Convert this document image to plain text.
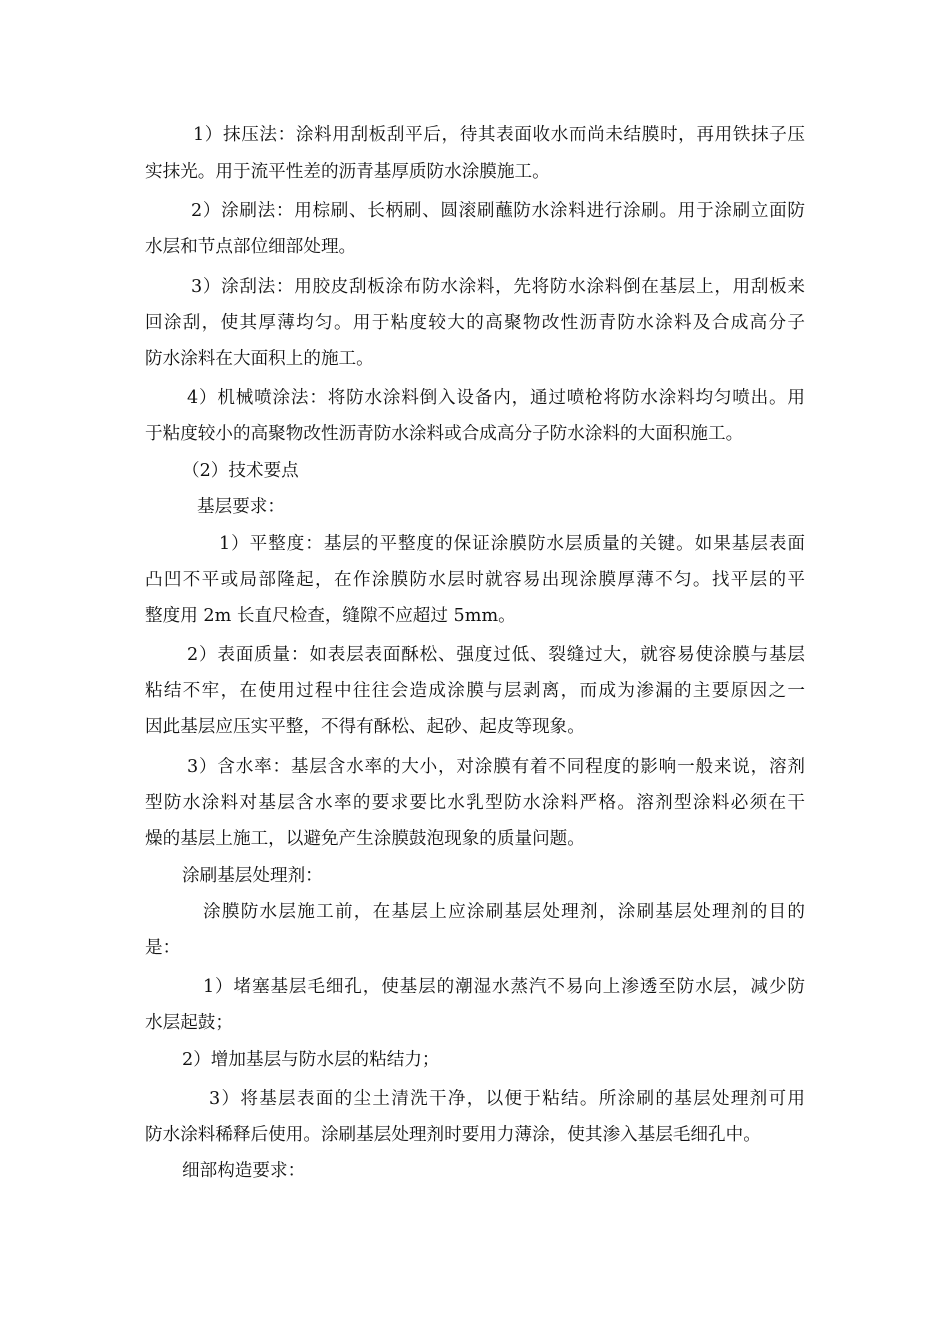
1）抹压法：涂料用刮板刮平后，待其表面收水而尚未结膜时，再用铁抹子压
实抹光。用于流平性差的沥青基厚质防水涂膜施工。
2）涂刷法：用棕刷、长柄刷、圆滚刷蘸防水涂料进行涂刷。用于涂刷立面防
水层和节点部位细部处理。
3）涂刮法：用胶皮刮板涂布防水涂料，先将防水涂料倒在基层上，用刮板来
回涂刮，使其厚薄均匀。用于粘度较大的高聚物改性沥青防水涂料及合成高分子
防水涂料在大面积上的施工。
4）机械喷涂法：将防水涂料倒入设备内，通过喷枪将防水涂料均匀喷出。用
于粘度较小的高聚物改性沥青防水涂料或合成高分子防水涂料的大面积施工。
（2）技术要点
基层要求：
1）平整度：基层的平整度的保证涂膜防水层质量的关键。如果基层表面
凸凹不平或局部隆起，在作涂膜防水层时就容易出现涂膜厚薄不匀。找平层的平
整度用 2m 长直尺检查，缝隙不应超过 5mm。
2）表面质量：如表层表面酥松、强度过低、裂缝过大，就容易使涂膜与基层
粘结不牢，在使用过程中往往会造成涂膜与层剥离，而成为渗漏的主要原因之一
因此基层应压实平整，不得有酥松、起砂、起皮等现象。
3）含水率：基层含水率的大小，对涂膜有着不同程度的影响一般来说，溶剂
型防水涂料对基层含水率的要求要比水乳型防水涂料严格。溶剂型涂料必须在干
燥的基层上施工，以避免产生涂膜鼓泡现象的质量问题。
涂刷基层处理剂：
涂膜防水层施工前，在基层上应涂刷基层处理剂，涂刷基层处理剂的目的
是：
1）堵塞基层毛细孔，使基层的潮湿水蒸汽不易向上渗透至防水层，减少防
水层起鼓；
2）增加基层与防水层的粘结力；
3）将基层表面的尘土清洗干净，以便于粘结。所涂刷的基层处理剂可用
防水涂料稀释后使用。涂刷基层处理剂时要用力薄涂，使其渗入基层毛细孔中。
细部构造要求：
